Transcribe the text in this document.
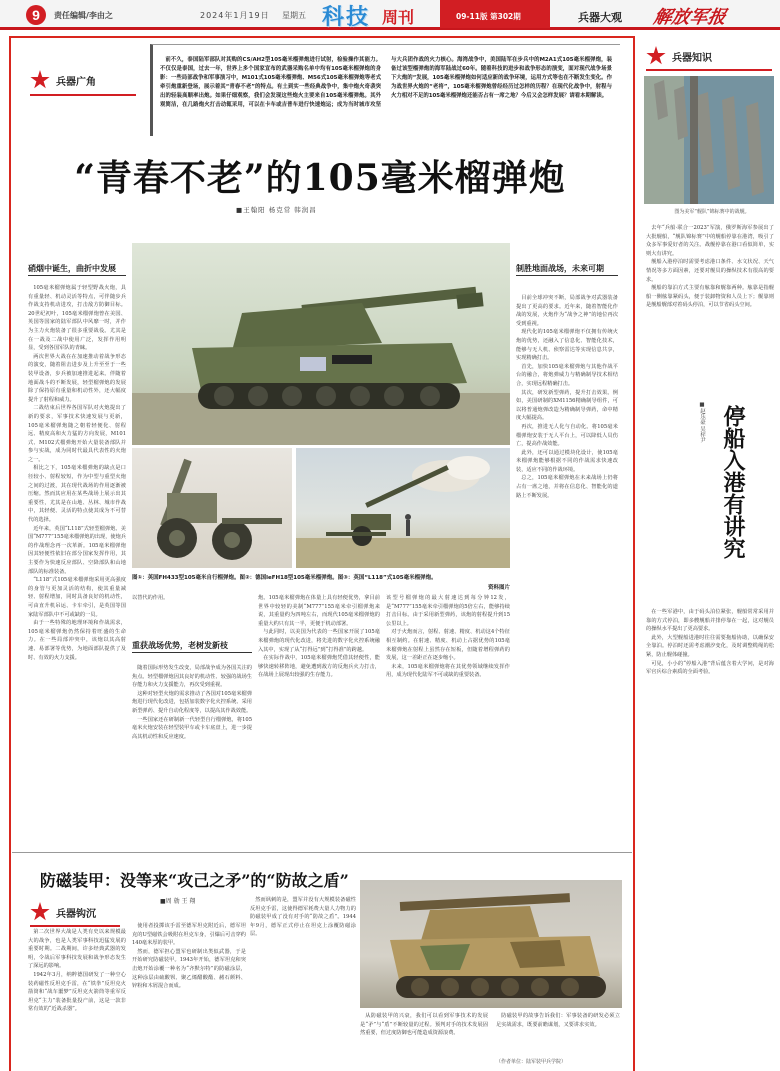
9	责任编辑/李由之	2024年1月19日 星期五 科技 周刊	09-11版 第302期	兵器大观 解放军报
兵器广角
前不久，泰国陆军部队对其购的CS/AH2型105毫米榴弹炮进行试射，检验操作其能力。不仅仅是泰国，过去一年，世界上多个国家宣布的武器采购名单中均有105毫米榴弹炮的身影：一些局部战争和军事演习中，M101式105毫米榴弹炮、M56式105毫米榴弹炮等老式牵引炮重新登场，展示着其“青春不老”的特点。有土到实一些经典战争中，集中炮火奇袭突出的轻装高顺率出炮。如果仔细观察，我们会发现这些炮火主要来自105毫米榴弹炮。其外观简洁，在几路炮火打击动辄采用，可以在卡车或吉普车进行快速炮运；成为当时城市攻坚与大兵团作战的火力核心。海湾战争中，美国陆军在步兵中的M2A1式105毫米榴弹炮，装备过该型榴弹炮的海军陆战过60年。随着科技的进步和战争形态的演变，面对现代战争场景下大炮的“发展，105毫米榴弹炮如何适应新的战争环境，运用方式等也在不断发生变化。作为战世界火炮的“老将”，105毫米榴弹炮曾经经历过怎样的历程？在现代化战争中，射程与火力相对不足的105毫米榴弹炮还能否占有一席之地？今后又会怎样发展？请看本期解读。
“青春不老”的105毫米榴弹炮
■王翰阳 杨克常 韩润昌
硝烟中诞生，曲折中发展

105毫米榴弹炮属于轻型野战火炮，具有重量轻、机动灵活等特点，可伴随步兵作战支持机动进攻，打击敌方防御目标。20世纪初叶，105毫米榴弹炮曾在美国、英国等国家的陆军部队中风靡一时，并作为主力火炮装备了很多重要战役。尤其是在一战及二战中使用广泛，发挥作用明显，受到各国军队的青睐。

两次世界大战在在加速推动着战争形态的演变，随着阻击进步及上升至至于一些装甲设备，步兵被加速推进起来。伴随着地面战斗的不断发展，轻型榴弹炮的发展除了保持原有重量和机动性外，还大幅度提升了射程和威力。

二战结束后世界各国军队对火炮提出了新的要求，军事技术快速发展与更新，105毫米榴弹炮随之朝着轻便化、射程远、精度高和火力猛的方向发展，M101式、M102式榴弹炮开始大量装备部队并参与实战，成为同时代最具代表性的火炮之一。

相比之下，105毫米榴弹炮的缺点是口径较小、射程较短，作为中型与重型火炮之间的过渡，其在现代战场的作用逐渐被压缩。然而其应用在某些战场上展示出其重要性，尤其是在山地、丛林、城市作战中，其轻便、灵活的特点使其成为不可替代的选择。

近年来，英国“L118”式轻型榴弹炮、美国“M777”155毫米榴弹炮的出现，使炮兵的作战理念再一次革新。105毫米榴弹炮因其轻便性依旧在部分国家发挥作用，其主要作为快速反应部队、空降部队和山地部队的标准装备。

“L118”式105毫米榴弹炮采用更高强度的身管与更加灵活的结构，使其重量减轻、射程增加，同时具备良好的机动性，可由直升机吊运、卡车牵引，是英国等国家陆军部队中不可或缺的一员。

由于一些特殊的地理环境和作战需求，105毫米榴弹炮仍然保持着旺盛的生命力。在一些局部冲突中，该炮以其高射速、易部署等优势，为地面部队提供了及时、有效的火力支援。

制胜地面战场，未来可期

目前全球冲突不断，局部战争对武器装备提出了更高的要求。近年来，随着智能化作战的发展，火炮作为“战争之神”的地位再次受到重视。

现代化的105毫米榴弹炮不仅拥有传统火炮的优势，还融入了信息化、智能化技术，能够与无人机、侦察雷达等实现信息共享，实现精确打击。

首先，加快105毫米榴弹炮与其他作战平台的融合，将炮弹威力与精确制导技术相结合，实现远程精确打击。

其次，研发新型弹药，提升打击效果。例如，美国研制的XM1156精确制导组件，可以将普通炮弹改造为精确制导弹药，命中精度大幅提高。

再次，推进无人化与自动化。将105毫米榴弹炮安装于无人平台上，可以降低人员伤亡，提高作战效能。

此外，还可以通过模块化设计，使105毫米榴弹炮能够根据不同的作战需求快速改装，适应不同的作战环境。

总之，105毫米榴弹炮在未来战场上仍将占有一席之地，并将在信息化、智能化的道路上不断发展。

图①：英国FH433型105毫米自行榴弹炮。图②：德国leFH18型105毫米榴弹炮。图③：英国“L118”式105毫米榴弹炮。
资料图片

以替代的作用。

重获战场优势，老树发新枝

随着国际形势发生改变，局部战争成为各国关注的焦点。轻型榴弹炮因其良好的机动性、较强的战场生存能力和火力支援能力，再次受到重视。

这种对轻型火炮的需求推动了各国对105毫米榴弹炮进行现代化改进，包括加装数字化火控系统、采用新型弹药、提升自动化程度等，以提高其作战效能。

一些国家还在研制新一代轻型自行榴弹炮，将105毫米火炮安装在轻型装甲车或卡车底盘上，进一步提高其机动性和反应速度。

炮。105毫米榴弹炮在体量上具有轻便优势，拿目前世界中较轻的美制“M777”155毫米牵引榴弹炮来说，其重量约为四吨左右，而现代105毫米榴弹炮的重量大约只有其一半，更便于机动部署。

与此同时，以美国为代表的一些国家开展了105毫米榴弹炮的现代化改进，将先进的数字化火控系统融入其中，实现了从“打得远”到“打得准”的跨越。

在实际作战中，105毫米榴弹炮凭借其轻便性，能够快速转移阵地，避免遭到敌方的反炮兵火力打击，在战场上展现出较强的生存能力。

该型号榴弹炮的最大射速达到每分钟12发，是“M777”155毫米牵引榴弹炮的5倍左右，能够持续打击目标。由于采用新型弹药，该炮的射程提升到15公里以上。

对于火炮而言，射程、射速、精度、机动这4个特征相互制约。在射速、精度、机动上占据优势的105毫米榴弹炮在射程上虽然存在短板，但随着增程弹药的发展，这一差距正在逐步缩小。

未来，105毫米榴弹炮将在其优势领域继续发挥作用，成为现代化陆军不可或缺的重要装备。

防磁装甲：没等来“攻己之矛”的“防故之盾”
■周 勍 王 翔
兵器钩沉

第二次世界大战是人类有史以来规模最大的战争，也是人类军事科技迅猛发展的重要时期。二战期间，许多经典武器的发明，令战后军事科技发展和战争形态发生了深远的影响。

1942年3月，纳粹德国研发了一种空心装药磁性反坦克手雷，在“铁拳”反坦克火箭筒和“战车噩梦”反坦克火箭筒等重军反坦克“主力”装备批量投产前，这是一款非常有效的“近战杀器”。

使用者投掷该手雷至德军坦克附近后，德军坦克的U型磁铁会吸附在坦克车身，引爆后可击穿约140毫米厚的装甲。

然而，德军担心盟军也研制出类似武器，于是开始研究防磁装甲。1943年开始，德军坦克和突击炮开始涂覆一种名为“齐默尔特”的防磁涂层，这种涂层由硫酸钡、聚乙烯醋酸酯、赭石颜料、锌粉和木屑混合而成。

然而讽刺的是，盟军并没有大规模装备磁性反坦克手雷，这使得德军耗费大量人力物力的防磁装甲成了没有对手的“防故之盾”。1944年9月，德军正式停止在坦克上涂覆防磁涂层。

从防磁装甲的兴衰，我们可以看到军事技术的发展是“矛”与“盾”不断较量的过程。预判对手的技术发展固然重要，但过度防御也可能造成资源浪费。

防磁装甲的故事告诉我们：军事装备的研发必须立足实战需求，既要前瞻谋划，又要讲求实效。

（作者单位：陆军装甲兵学院）
兵器知识
图为美军“舰队”锦标赛中的战舰。

去年“兵船·联合一2023”军演，俄罗斯海军参展出了大批舰船，“舰队锦标赛”中的舰船停靠在港湾，吸引了众多军事爱好者的关注。战舰停靠在港口看似简单，实则大有讲究。

舰船入港停泊时需要考虑港口条件、水文状况、天气情况等多方面因素，还要对舰员的操纵技术有很高的要求。

舰船的靠泊方式主要有舷靠和艉靠两种。舷靠是指舰船一侧舷靠紧码头，便于装卸物资和人员上下；艉靠则是舰船艉部对着码头停泊，可以节省码头空间。

停船入港有讲究
■赵乐豪 吴梓尹

在一些军港中，由于码头泊位紧张，舰船常常采用并靠的方式停泊，即多艘舰船并排停靠在一起，这对舰员的操纵水平提出了更高要求。

此外，大型舰船进港时往往需要拖船协助，以确保安全靠泊。停泊时还需考虑潮汐变化，及时调整缆绳的松紧，防止舰体碰撞。

可见，小小的“停船入港”背后蕴含着大学问，是对海军官兵综合素质的全面考验。
